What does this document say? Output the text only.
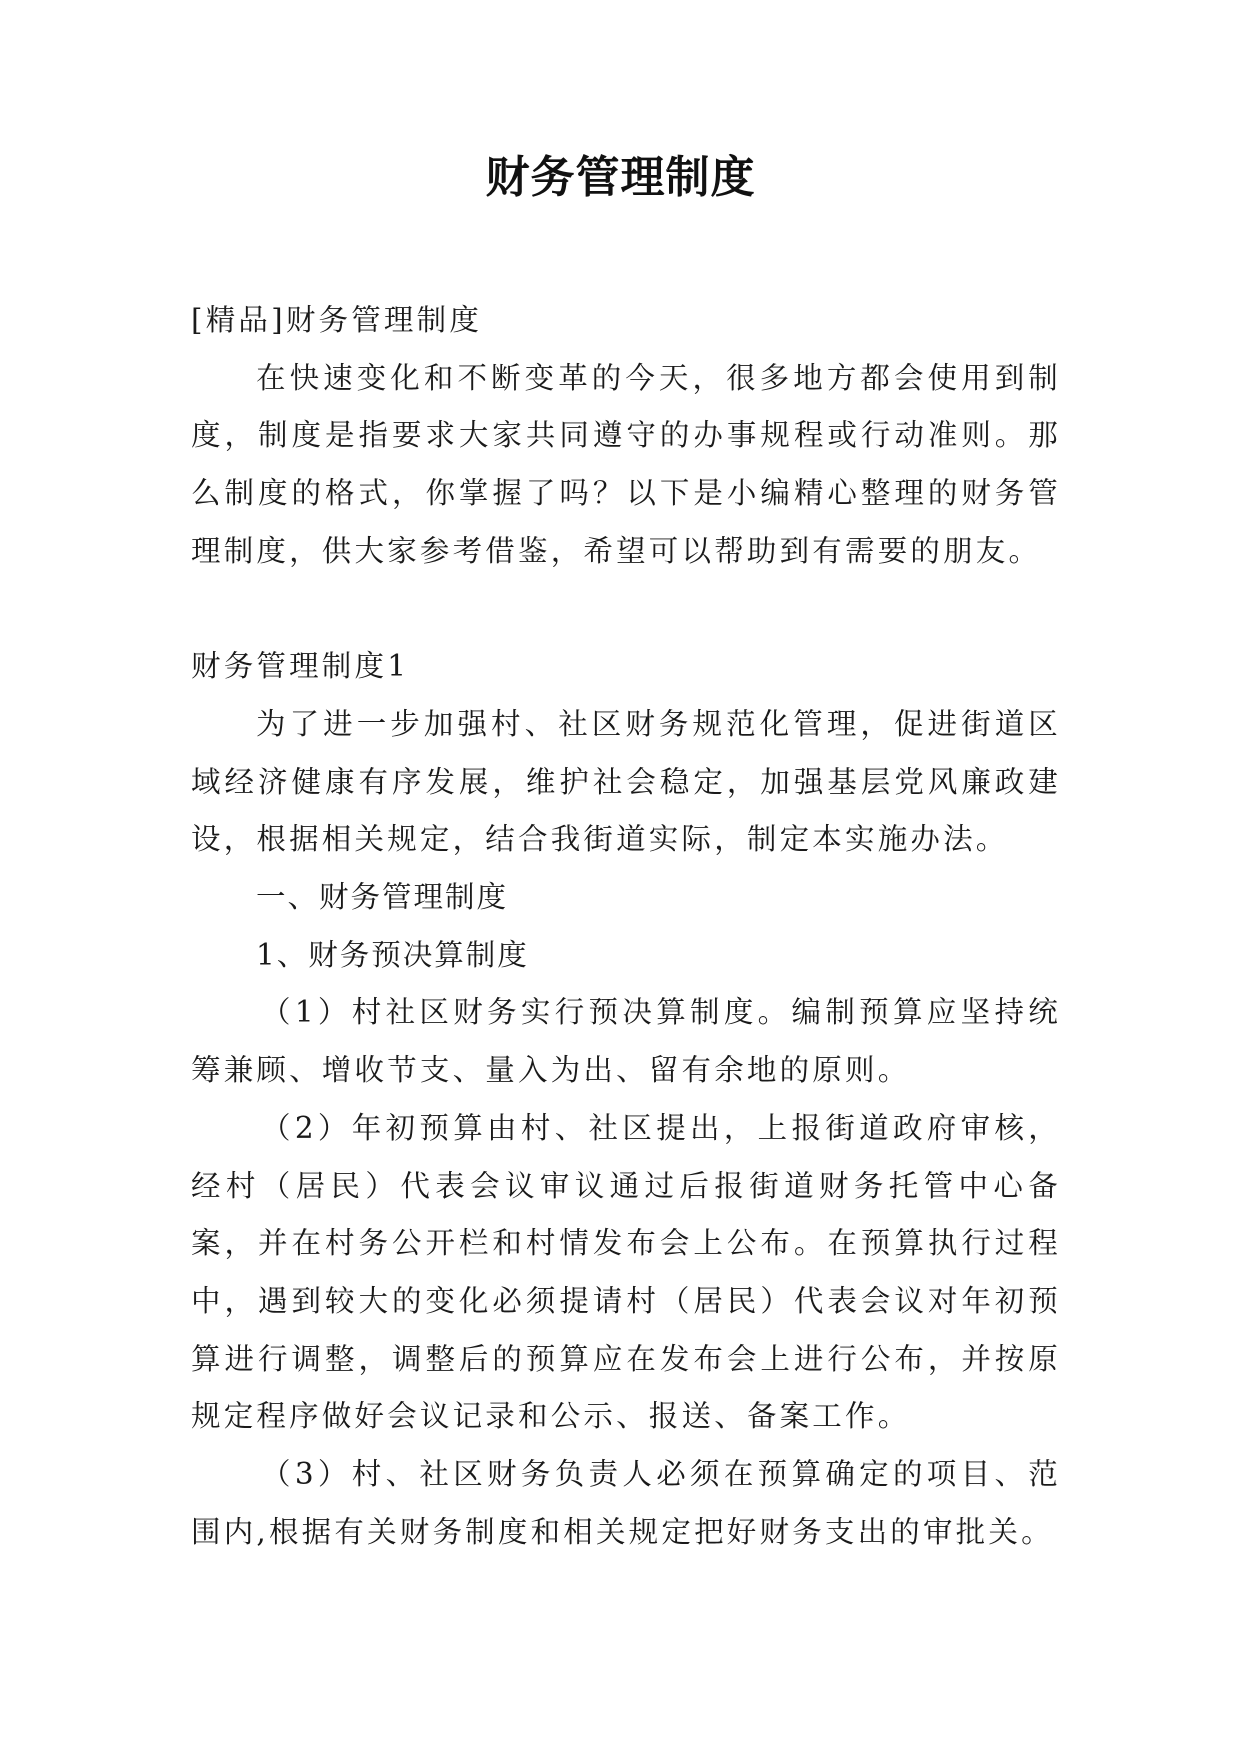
财务管理制度

[精品]财务管理制度

在快速变化和不断变革的今天，很多地方都会使用到制度，制度是指要求大家共同遵守的办事规程或行动准则。那么制度的格式，你掌握了吗？以下是小编精心整理的财务管理制度，供大家参考借鉴，希望可以帮助到有需要的朋友。

财务管理制度1

为了进一步加强村、社区财务规范化管理，促进街道区域经济健康有序发展，维护社会稳定，加强基层党风廉政建设，根据相关规定，结合我街道实际，制定本实施办法。

一、财务管理制度

1、财务预决算制度

（1）村社区财务实行预决算制度。编制预算应坚持统筹兼顾、增收节支、量入为出、留有余地的原则。

（2）年初预算由村、社区提出，上报街道政府审核，经村（居民）代表会议审议通过后报街道财务托管中心备案，并在村务公开栏和村情发布会上公布。在预算执行过程中，遇到较大的变化必须提请村（居民）代表会议对年初预算进行调整，调整后的预算应在发布会上进行公布，并按原规定程序做好会议记录和公示、报送、备案工作。

（3）村、社区财务负责人必须在预算确定的项目、范围内,根据有关财务制度和相关规定把好财务支出的审批关。
